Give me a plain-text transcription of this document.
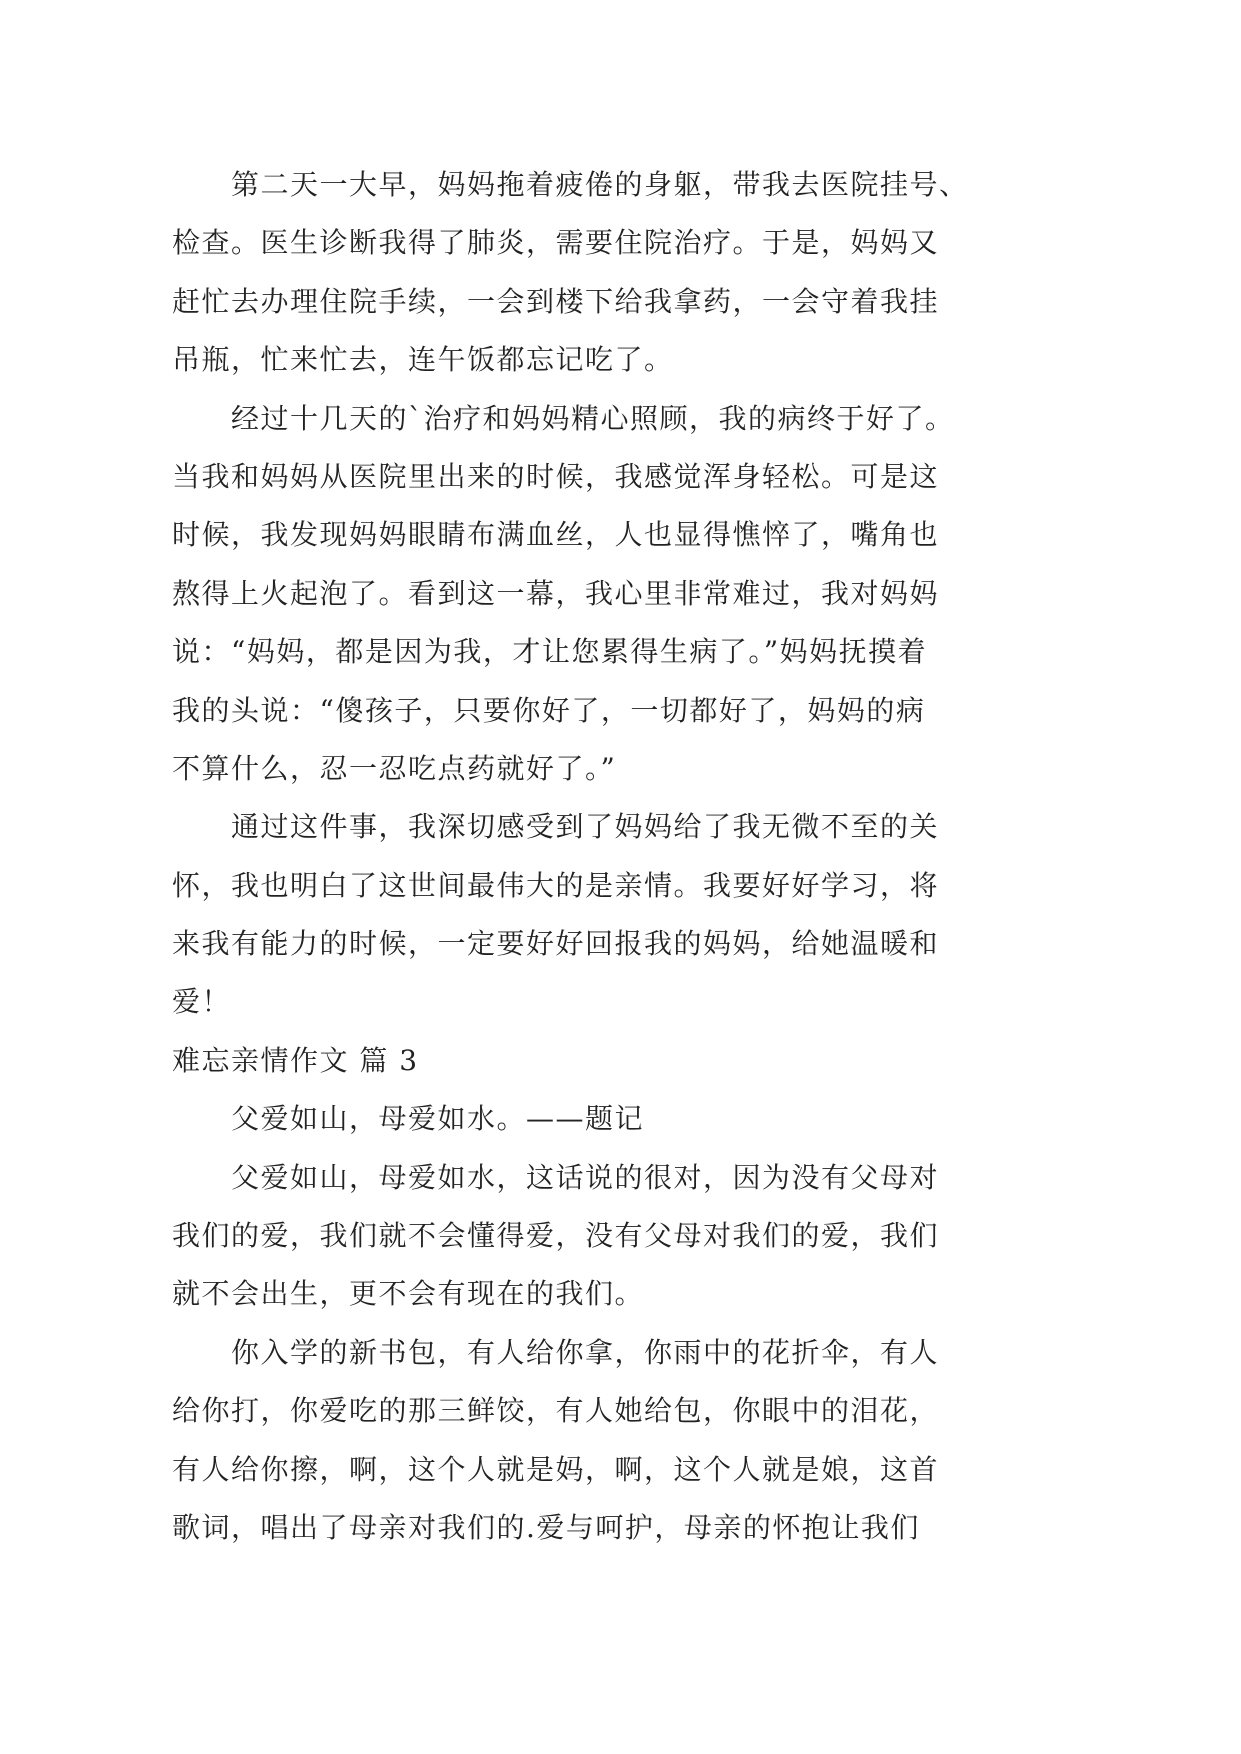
第二天一大早，妈妈拖着疲倦的身躯，带我去医院挂号、
检查。医生诊断我得了肺炎，需要住院治疗。于是，妈妈又
赶忙去办理住院手续，一会到楼下给我拿药，一会守着我挂
吊瓶，忙来忙去，连午饭都忘记吃了。
经过十几天的`治疗和妈妈精心照顾，我的病终于好了。
当我和妈妈从医院里出来的时候，我感觉浑身轻松。可是这
时候，我发现妈妈眼睛布满血丝，人也显得憔悴了，嘴角也
熬得上火起泡了。看到这一幕，我心里非常难过，我对妈妈
说：“妈妈，都是因为我，才让您累得生病了。”妈妈抚摸着
我的头说：“傻孩子，只要你好了，一切都好了，妈妈的病
不算什么，忍一忍吃点药就好了。”
通过这件事，我深切感受到了妈妈给了我无微不至的关
怀，我也明白了这世间最伟大的是亲情。我要好好学习，将
来我有能力的时候，一定要好好回报我的妈妈，给她温暖和
爱！
难忘亲情作文 篇 3
父爱如山，母爱如水。——题记
父爱如山，母爱如水，这话说的很对，因为没有父母对
我们的爱，我们就不会懂得爱，没有父母对我们的爱，我们
就不会出生，更不会有现在的我们。
你入学的新书包，有人给你拿，你雨中的花折伞，有人
给你打，你爱吃的那三鲜饺，有人她给包，你眼中的泪花，
有人给你擦，啊，这个人就是妈，啊，这个人就是娘，这首
歌词，唱出了母亲对我们的.爱与呵护，母亲的怀抱让我们
